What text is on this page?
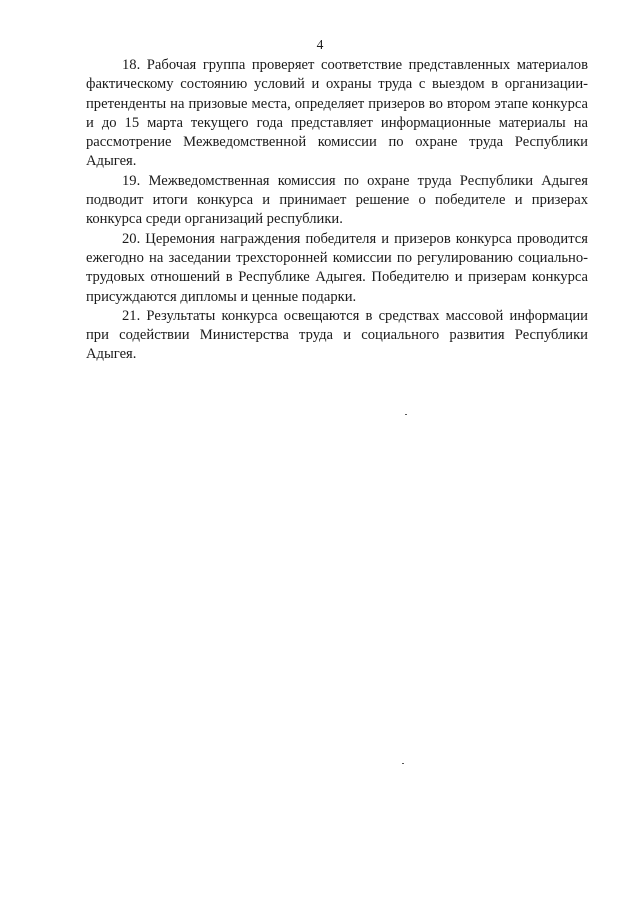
4

18. Рабочая группа проверяет соответствие представленных материалов фактическому состоянию условий и охраны труда с выездом в организации-претенденты на призовые места, определяет призеров во втором этапе конкурса и до 15 марта текущего года представляет информационные материалы на рассмотрение Межведомственной комиссии по охране труда Республики Адыгея.

19. Межведомственная комиссия по охране труда Республики Адыгея подводит итоги конкурса и принимает решение о победителе и призерах конкурса среди организаций республики.

20. Церемония награждения победителя и призеров конкурса проводится ежегодно на заседании трехсторонней комиссии по регулированию социально-трудовых отношений в Республике Адыгея. Победителю и призерам конкурса присуждаются дипломы и ценные подарки.

21. Результаты конкурса освещаются в средствах массовой информации при содействии Министерства труда и социального развития Республики Адыгея.
